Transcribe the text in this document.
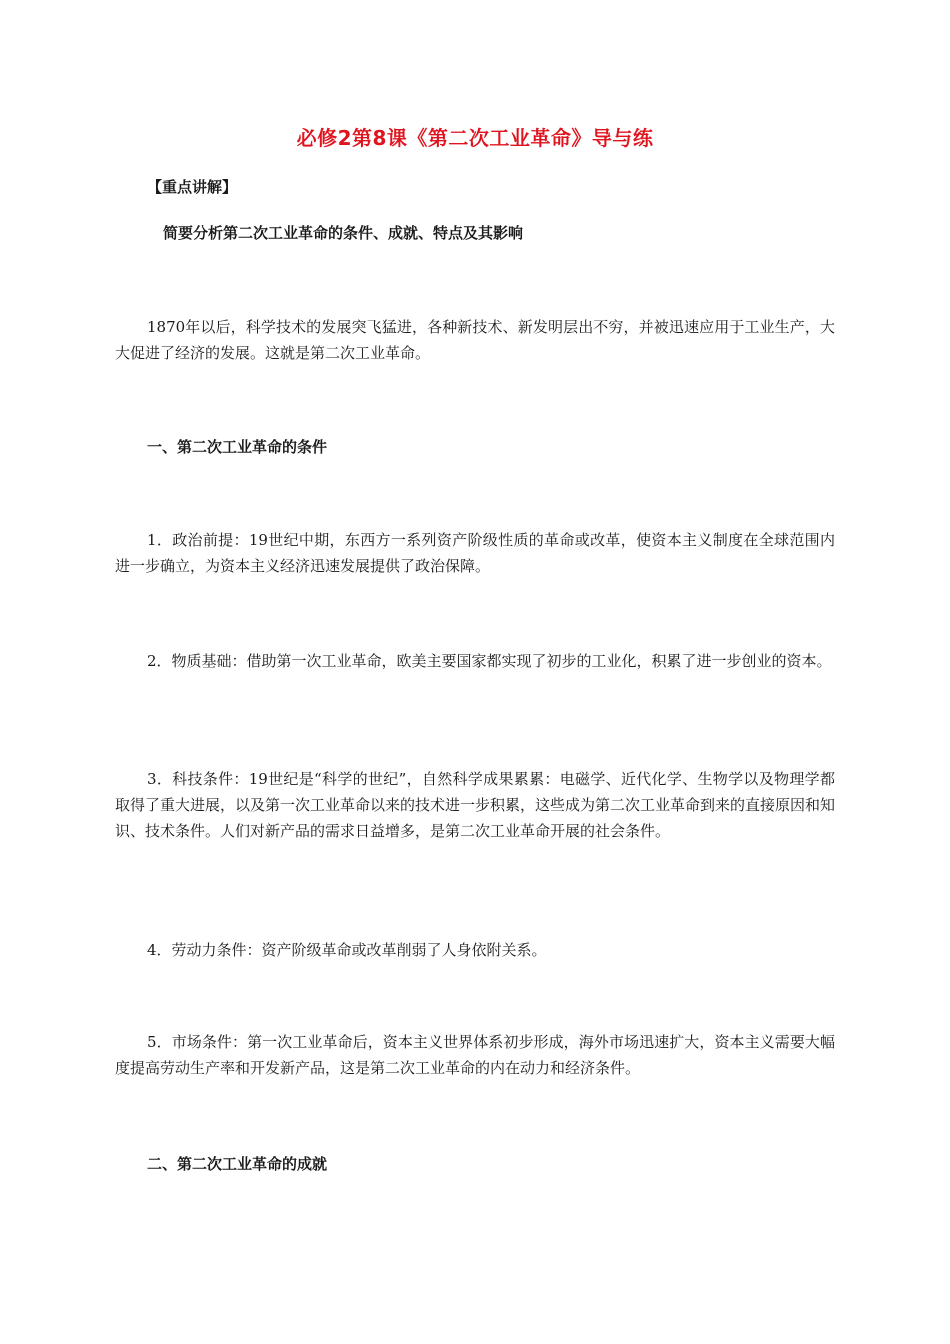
必修2第8课《第二次工业革命》导与练
【重点讲解】
简要分析第二次工业革命的条件、成就、特点及其影响
1870年以后，科学技术的发展突飞猛进，各种新技术、新发明层出不穷，并被迅速应用于工业生产，大大促进了经济的发展。这就是第二次工业革命。
一、第二次工业革命的条件
1．政治前提：19世纪中期，东西方一系列资产阶级性质的革命或改革，使资本主义制度在全球范围内进一步确立，为资本主义经济迅速发展提供了政治保障。
2．物质基础：借助第一次工业革命，欧美主要国家都实现了初步的工业化，积累了进一步创业的资本。
3．科技条件：19世纪是“科学的世纪”，自然科学成果累累：电磁学、近代化学、生物学以及物理学都取得了重大进展，以及第一次工业革命以来的技术进一步积累，这些成为第二次工业革命到来的直接原因和知识、技术条件。人们对新产品的需求日益增多，是第二次工业革命开展的社会条件。
4．劳动力条件：资产阶级革命或改革削弱了人身依附关系。
5．市场条件：第一次工业革命后，资本主义世界体系初步形成，海外市场迅速扩大，资本主义需要大幅度提高劳动生产率和开发新产品，这是第二次工业革命的内在动力和经济条件。
二、第二次工业革命的成就
